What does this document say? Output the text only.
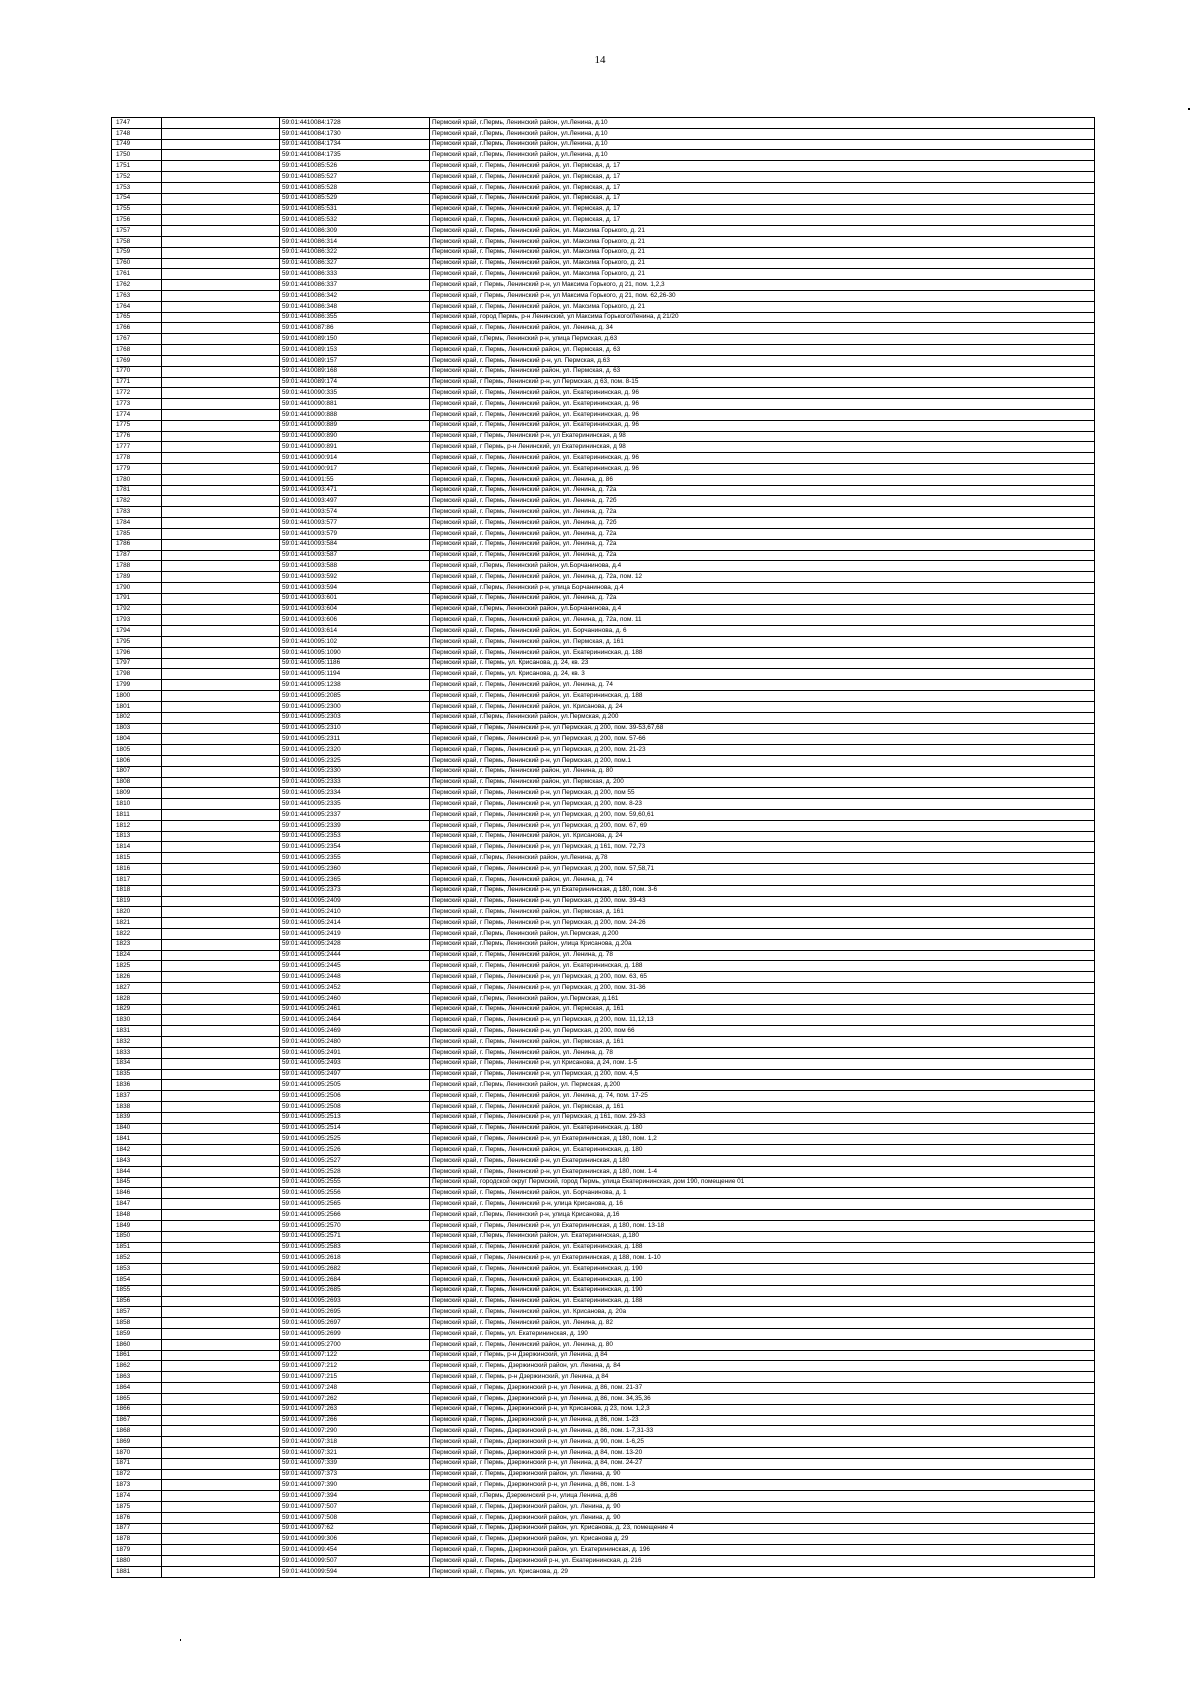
14
1747		59:01:4410084:1728	Пермский край, г.Пермь, Ленинский район, ул.Ленина, д.10
1748		59:01:4410084:1730	Пермский край, г.Пермь, Ленинский район, ул.Ленина, д.10
1749		59:01:4410084:1734	Пермский край, г.Пермь, Ленинский район, ул.Ленина, д.10
1750		59:01:4410084:1735	Пермский край, г.Пермь, Ленинский район, ул.Ленина, д.10
1751		59:01:4410085:526	Пермский край, г. Пермь, Ленинский район, ул. Пермская, д. 17
1752		59:01:4410085:527	Пермский край, г. Пермь, Ленинский район, ул. Пермская, д. 17
1753		59:01:4410085:528	Пермский край, г. Пермь, Ленинский район, ул. Пермская, д. 17
1754		59:01:4410085:529	Пермский край, г. Пермь, Ленинский район, ул. Пермская, д. 17
1755		59:01:4410085:531	Пермский край, г. Пермь, Ленинский район, ул. Пермская, д. 17
1756		59:01:4410085:532	Пермский край, г. Пермь, Ленинский район, ул. Пермская, д. 17
1757		59:01:4410086:309	Пермский край, г. Пермь, Ленинский район, ул. Максима Горького, д. 21
1758		59:01:4410086:314	Пермский край, г. Пермь, Ленинский район, ул. Максима Горького, д. 21
1759		59:01:4410086:322	Пермский край, г. Пермь, Ленинский район, ул. Максима Горького, д. 21
1760		59:01:4410086:327	Пермский край, г. Пермь, Ленинский район, ул. Максима Горького, д. 21
1761		59:01:4410086:333	Пермский край, г. Пермь, Ленинский район, ул. Максима Горького, д. 21
1762		59:01:4410086:337	Пермский край, г Пермь, Ленинский р-н, ул Максима Горького, д 21, пом. 1,2,3
1763		59:01:4410086:342	Пермский край, г Пермь, Ленинский р-н, ул Максима Горького, д 21, пом. 62,26-30
1764		59:01:4410086:348	Пермский край, г. Пермь, Ленинский район, ул. Максима Горького, д. 21
1765		59:01:4410086:355	Пермский край, город Пермь, р-н Ленинский, ул Максима Горького/Ленина, д 21/20
1766		59:01:4410087:86	Пермский край, г. Пермь, Ленинский район, ул. Ленина, д. 34
1767		59:01:4410089:150	Пермский край, г.Пермь, Ленинский р-н, улица Пермская, д.63
1768		59:01:4410089:153	Пермский край, г. Пермь, Ленинский район, ул. Пермская, д. 63
1769		59:01:4410089:157	Пермский край, г. Пермь, Ленинский р-н, ул. Пермская, д.63
1770		59:01:4410089:168	Пермский край, г. Пермь, Ленинский район, ул. Пермская, д. 63
1771		59:01:4410089:174	Пермский край, г Пермь, Ленинский р-н, ул Пермская, д 63, пом. 8-15
1772		59:01:4410090:335	Пермский край, г. Пермь, Ленинский район, ул. Екатерининская, д. 96
1773		59:01:4410090:881	Пермский край, г. Пермь, Ленинский район, ул. Екатерининская, д. 96
1774		59:01:4410090:888	Пермский край, г. Пермь, Ленинский район, ул. Екатерининская, д. 96
1775		59:01:4410090:889	Пермский край, г. Пермь, Ленинский район, ул. Екатерининская, д. 96
1776		59:01:4410090:890	Пермский край, г Пермь, Ленинский р-н, ул Екатерининская, д 98
1777		59:01:4410090:891	Пермский край, г Пермь, р-н Ленинский, ул Екатерининская, д 98
1778		59:01:4410090:914	Пермский край, г. Пермь, Ленинский район, ул. Екатерининская, д. 96
1779		59:01:4410090:917	Пермский край, г. Пермь, Ленинский район, ул. Екатерининская, д. 96
1780		59:01:4410091:55	Пермский край, г. Пермь, Ленинский район, ул. Ленина, д. 86
1781		59:01:4410093:471	Пермский край, г. Пермь, Ленинский район, ул. Ленина, д. 72а
1782		59:01:4410093:497	Пермский край, г. Пермь, Ленинский район, ул. Ленина, д. 72б
1783		59:01:4410093:574	Пермский край, г. Пермь, Ленинский район, ул. Ленина, д. 72а
1784		59:01:4410093:577	Пермский край, г. Пермь, Ленинский район, ул. Ленина, д. 72б
1785		59:01:4410093:579	Пермский край, г. Пермь, Ленинский район, ул. Ленина, д. 72а
1786		59:01:4410093:584	Пермский край, г. Пермь, Ленинский район, ул. Ленина, д. 72а
1787		59:01:4410093:587	Пермский край, г. Пермь, Ленинский район, ул. Ленина, д. 72а
1788		59:01:4410093:588	Пермский край, г.Пермь, Ленинский район, ул.Борчанинова, д.4
1789		59:01:4410093:592	Пермский край, г. Пермь, Ленинский район, ул. Ленина, д. 72а, пом. 12
1790		59:01:4410093:594	Пермский край, г.Пермь, Ленинский р-н, улица Борчанинова, д.4
1791		59:01:4410093:601	Пермский край, г. Пермь, Ленинский район, ул. Ленина, д. 72а
1792		59:01:4410093:604	Пермский край, г.Пермь, Ленинский район, ул.Борчанинова, д.4
1793		59:01:4410093:606	Пермский край, г. Пермь, Ленинский район, ул. Ленина, д. 72а, пом. 11
1794		59:01:4410093:614	Пермский край, г. Пермь, Ленинский район, ул. Борчанинова, д. 6
1795		59:01:4410095:102	Пермский край, г. Пермь, Ленинский район, ул. Пермская, д. 161
1796		59:01:4410095:1090	Пермский край, г. Пермь, Ленинский район, ул. Екатерининская, д. 188
1797		59:01:4410095:1186	Пермский край, г. Пермь, ул. Крисанова, д. 24, кв. 23
1798		59:01:4410095:1194	Пермский край, г. Пермь, ул. Крисанова, д. 24, кв. 3
1799		59:01:4410095:1238	Пермский край, г. Пермь, Ленинский район, ул. Ленина, д. 74
1800		59:01:4410095:2085	Пермский край, г. Пермь, Ленинский район, ул. Екатерининская, д. 188
1801		59:01:4410095:2300	Пермский край, г. Пермь, Ленинский район, ул. Крисанова, д. 24
1802		59:01:4410095:2303	Пермский край, г.Пермь, Ленинский район, ул.Пермская, д.200
1803		59:01:4410095:2310	Пермский край, г Пермь, Ленинский р-н, ул Пермская, д 200, пом. 39-53,67,68
1804		59:01:4410095:2311	Пермский край, г Пермь, Ленинский р-н, ул Пермская, д 200, пом. 57-66
1805		59:01:4410095:2320	Пермский край, г Пермь, Ленинский р-н, ул Пермская, д 200, пом. 21-23
1806		59:01:4410095:2325	Пермский край, г Пермь, Ленинский р-н, ул Пермская, д 200, пом.1
1807		59:01:4410095:2330	Пермский край, г. Пермь, Ленинский район, ул. Ленина, д. 80
1808		59:01:4410095:2333	Пермский край, г. Пермь, Ленинский район, ул. Пермская, д. 200
1809		59:01:4410095:2334	Пермский край, г Пермь, Ленинский р-н, ул Пермская, д 200, пом 55
1810		59:01:4410095:2335	Пермский край, г Пермь, Ленинский р-н, ул Пермская, д 200, пом. 8-23
1811		59:01:4410095:2337	Пермский край, г Пермь, Ленинский р-н, ул Пермская, д 200, пом. 59,60,61
1812		59:01:4410095:2339	Пермский край, г Пермь, Ленинский р-н, ул Пермская, д 200, пом. 67, 69
1813		59:01:4410095:2353	Пермский край, г. Пермь, Ленинский район, ул. Крисанова, д. 24
1814		59:01:4410095:2354	Пермский край, г Пермь, Ленинский р-н, ул Пермская, д 161, пом. 72,73
1815		59:01:4410095:2355	Пермский край, г.Пермь, Ленинский район, ул.Ленина, д.78
1816		59:01:4410095:2360	Пермский край, г Пермь, Ленинский р-н, ул Пермская, д 200, пом. 57,58,71
1817		59:01:4410095:2365	Пермский край, г. Пермь, Ленинский район, ул. Ленина, д. 74
1818		59:01:4410095:2373	Пермский край, г Пермь, Ленинский р-н, ул Екатерининская, д 180, пом. 3-6
1819		59:01:4410095:2409	Пермский край, г Пермь, Ленинский р-н, ул Пермская, д 200, пом. 39-43
1820		59:01:4410095:2410	Пермский край, г. Пермь, Ленинский район, ул. Пермская, д. 161
1821		59:01:4410095:2414	Пермский край, г Пермь, Ленинский р-н, ул Пермская, д 200, пом. 24-26
1822		59:01:4410095:2419	Пермский край, г.Пермь, Ленинский район, ул.Пермская, д.200
1823		59:01:4410095:2428	Пермский край, г.Пермь, Ленинский район, улица Крисанова, д.20а
1824		59:01:4410095:2444	Пермский край, г. Пермь, Ленинский район, ул. Ленина, д. 78
1825		59:01:4410095:2445	Пермский край, г. Пермь, Ленинский район, ул. Екатерининская, д. 188
1826		59:01:4410095:2448	Пермский край, г Пермь, Ленинский р-н, ул Пермская, д 200, пом. 63, 65
1827		59:01:4410095:2452	Пермский край, г Пермь, Ленинский р-н, ул Пермская, д 200, пом. 31-36
1828		59:01:4410095:2460	Пермский край, г.Пермь, Ленинский район, ул.Пермская, д.161
1829		59:01:4410095:2461	Пермский край, г. Пермь, Ленинский район, ул. Пермская, д. 161
1830		59:01:4410095:2464	Пермский край, г Пермь, Ленинский р-н, ул Пермская, д 200, пом. 11,12,13
1831		59:01:4410095:2469	Пермский край, г Пермь, Ленинский р-н, ул Пермская, д 200, пом 66
1832		59:01:4410095:2480	Пермский край, г. Пермь, Ленинский район, ул. Пермская, д. 161
1833		59:01:4410095:2491	Пермский край, г. Пермь, Ленинский район, ул. Ленина, д. 78
1834		59:01:4410095:2493	Пермский край, г Пермь, Ленинский р-н, ул Крисанова, д 24, пом. 1-5
1835		59:01:4410095:2497	Пермский край, г Пермь, Ленинский р-н, ул Пермская, д 200, пом. 4,5
1836		59:01:4410095:2505	Пермский край, г.Пермь, Ленинский район, ул. Пермская, д.200
1837		59:01:4410095:2506	Пермский край, г. Пермь, Ленинский район, ул. Ленина, д. 74, пом. 17-25
1838		59:01:4410095:2508	Пермский край, г. Пермь, Ленинский район, ул. Пермская, д. 161
1839		59:01:4410095:2513	Пермский край, г Пермь, Ленинский р-н, ул Пермская, д 161, пом. 29-33
1840		59:01:4410095:2514	Пермский край, г. Пермь, Ленинский район, ул. Екатерининская, д. 180
1841		59:01:4410095:2525	Пермский край, г Пермь, Ленинский р-н, ул Екатерининская, д 180, пом. 1,2
1842		59:01:4410095:2526	Пермский край, г. Пермь, Ленинский район, ул. Екатерининская, д. 180
1843		59:01:4410095:2527	Пермский край, г Пермь, Ленинский р-н, ул Екатерининская, д 180
1844		59:01:4410095:2528	Пермский край, г Пермь, Ленинский р-н, ул Екатерининская, д 180, пом. 1-4
1845		59:01:4410095:2555	Пермский край, городской округ Пермский, город Пермь, улица Екатерининская, дом 190, помещение 01
1846		59:01:4410095:2556	Пермский край, г. Пермь, Ленинский район, ул. Борчанинова, д. 1
1847		59:01:4410095:2565	Пермский край, г. Пермь, Ленинский р-н, улица Крисанова, д. 16
1848		59:01:4410095:2566	Пермский край, г.Пермь, Ленинский р-н, улица Крисанова, д.16
1849		59:01:4410095:2570	Пермский край, г Пермь, Ленинский р-н, ул Екатерининская, д 180, пом. 13-18
1850		59:01:4410095:2571	Пермский край, г.Пермь, Ленинский район, ул. Екатерининская, д.180
1851		59:01:4410095:2583	Пермский край, г. Пермь, Ленинский район, ул. Екатерининская, д. 188
1852		59:01:4410095:2618	Пермский край, г Пермь, Ленинский р-н, ул Екатерининская, д 188, пом. 1-10
1853		59:01:4410095:2682	Пермский край, г. Пермь, Ленинский район, ул. Екатерининская, д. 190
1854		59:01:4410095:2684	Пермский край, г. Пермь, Ленинский район, ул. Екатерининская, д. 190
1855		59:01:4410095:2685	Пермский край, г. Пермь, Ленинский район, ул. Екатерининская, д. 190
1856		59:01:4410095:2693	Пермский край, г. Пермь, Ленинский район, ул. Екатерининская, д. 188
1857		59:01:4410095:2695	Пермский край, г. Пермь, Ленинский район, ул. Крисанова, д. 20а
1858		59:01:4410095:2697	Пермский край, г. Пермь, Ленинский район, ул. Ленина, д. 82
1859		59:01:4410095:2699	Пермский край, г. Пермь, ул. Екатерининская, д. 190
1860		59:01:4410095:2700	Пермский край, г. Пермь, Ленинский район, ул. Ленина, д. 80
1861		59:01:4410097:122	Пермский край, г Пермь, р-н Дзержинский, ул Ленина, д 84
1862		59:01:4410097:212	Пермский край, г. Пермь, Дзержинский район, ул. Ленина, д. 84
1863		59:01:4410097:215	Пермский край, г. Пермь, р-н Дзержинский, ул Ленина, д 84
1864		59:01:4410097:248	Пермский край, г Пермь, Дзержинский р-н, ул Ленина, д 86, пом. 21-37
1865		59:01:4410097:262	Пермский край, г Пермь, Дзержинский р-н, ул Ленина, д 86, пом. 34,35,36
1866		59:01:4410097:263	Пермский край, г Пермь, Дзержинский р-н, ул Крисанова, д 23, пом. 1,2,3
1867		59:01:4410097:266	Пермский край, г Пермь, Дзержинский р-н, ул Ленина, д 86, пом. 1-23
1868		59:01:4410097:290	Пермский край, г Пермь, Дзержинский р-н, ул Ленина, д 86, пом. 1-7,31-33
1869		59:01:4410097:318	Пермский край, г Пермь, Дзержинский р-н, ул Ленина, д 90, пом. 1-6,25
1870		59:01:4410097:321	Пермский край, г Пермь, Дзержинский р-н, ул Ленина, д 84, пом. 13-20
1871		59:01:4410097:339	Пермский край, г Пермь, Дзержинский р-н, ул Ленина, д 84, пом. 24-27
1872		59:01:4410097:373	Пермский край, г. Пермь, Дзержинский район, ул. Ленина, д. 90
1873		59:01:4410097:390	Пермский край, г Пермь, Дзержинский р-н, ул Ленина, д 86, пом. 1-3
1874		59:01:4410097:394	Пермский край, г.Пермь, Дзержинский р-н, улица Ленина, д.86
1875		59:01:4410097:507	Пермский край, г. Пермь, Дзержинский район, ул. Ленина, д. 90
1876		59:01:4410097:508	Пермский край, г. Пермь, Дзержинский район, ул. Ленина, д. 90
1877		59:01:4410097:62	Пермский край, г. Пермь, Дзержинский район, ул. Крисанова, д. 23, помещение 4
1878		59:01:4410099:306	Пермский край, г. Пермь, Дзержинский район, ул. Крисанова д. 29
1879		59:01:4410099:454	Пермский край, г. Пермь, Дзержинский район, ул. Екатерининская, д. 196
1880		59:01:4410099:507	Пермский край, г. Пермь, Дзержинский р-н, ул. Екатерининская, д. 216
1881		59:01:4410099:594	Пермский край, г. Пермь, ул. Крисанова, д. 29
